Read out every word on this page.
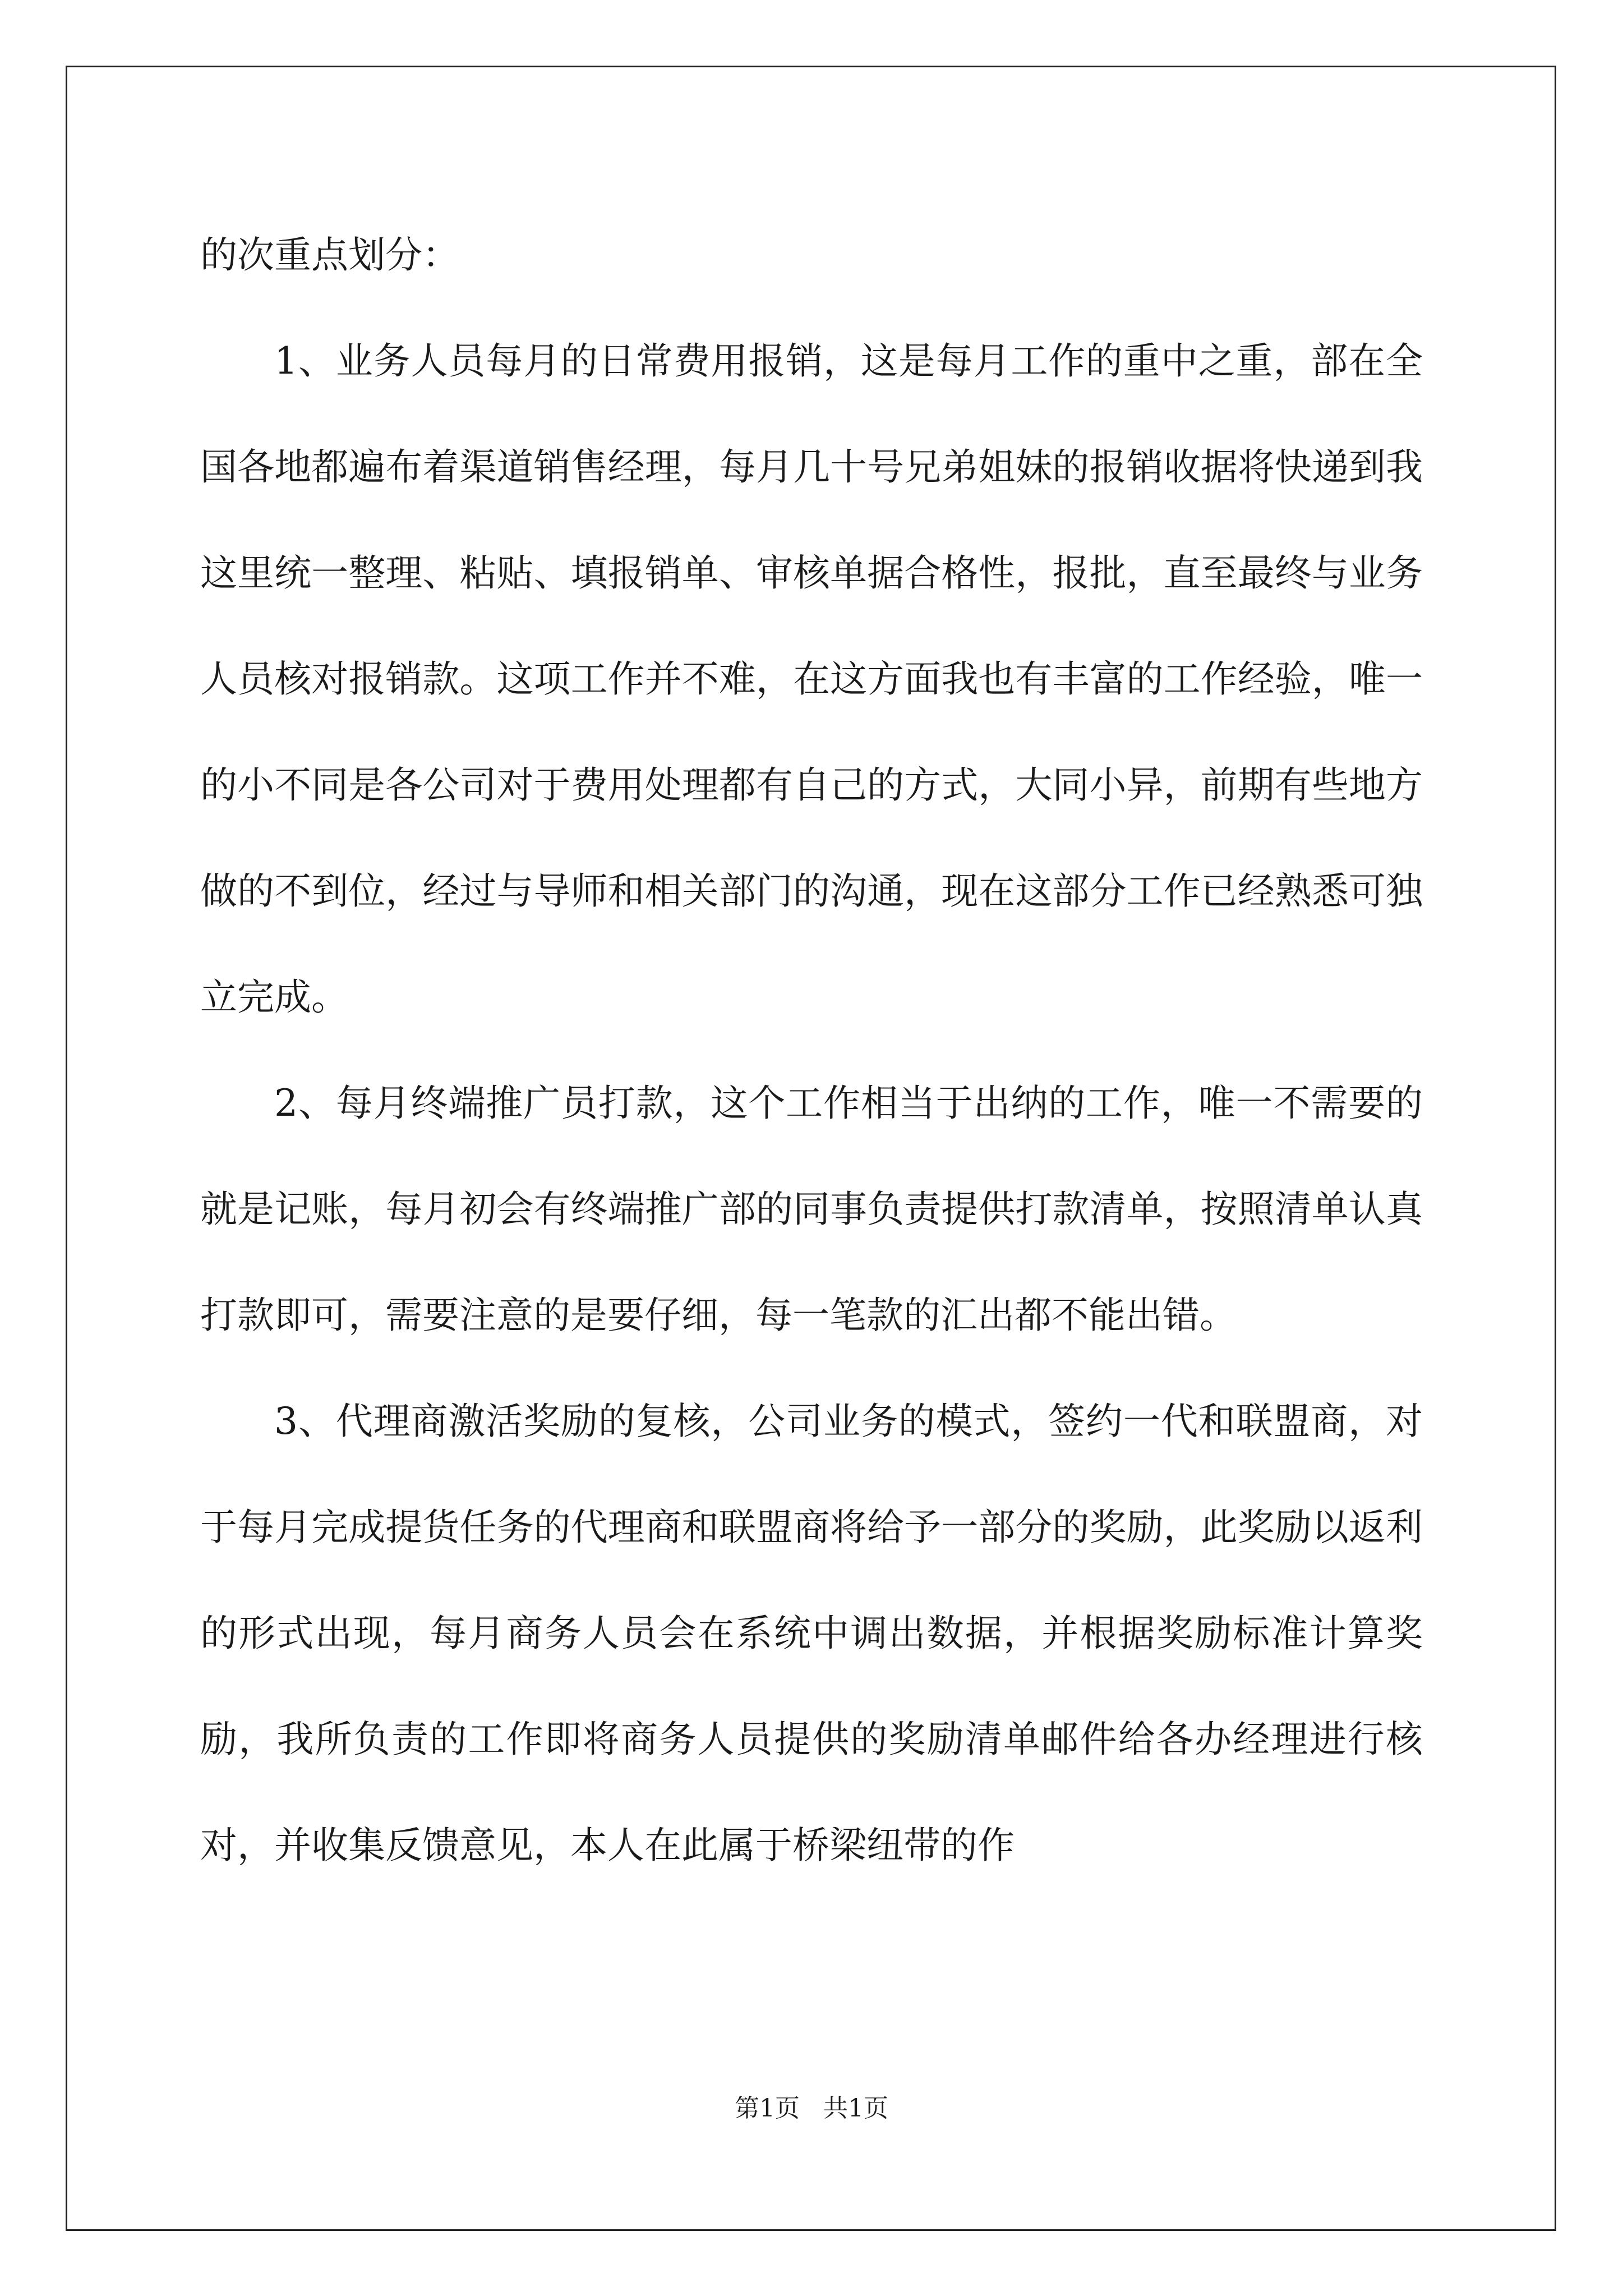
的次重点划分：

1、业务人员每月的日常费用报销，这是每月工作的重中之重，部在全国各地都遍布着渠道销售经理，每月几十号兄弟姐妹的报销收据将快递到我这里统一整理、粘贴、填报销单、审核单据合格性，报批，直至最终与业务人员核对报销款。这项工作并不难，在这方面我也有丰富的工作经验，唯一的小不同是各公司对于费用处理都有自己的方式，大同小异，前期有些地方做的不到位，经过与导师和相关部门的沟通，现在这部分工作已经熟悉可独立完成。

2、每月终端推广员打款，这个工作相当于出纳的工作，唯一不需要的就是记账，每月初会有终端推广部的同事负责提供打款清单，按照清单认真打款即可，需要注意的是要仔细，每一笔款的汇出都不能出错。

3、代理商激活奖励的复核，公司业务的模式，签约一代和联盟商，对于每月完成提货任务的代理商和联盟商将给予一部分的奖励，此奖励以返利的形式出现，每月商务人员会在系统中调出数据，并根据奖励标准计算奖励，我所负责的工作即将商务人员提供的奖励清单邮件给各办经理进行核对，并收集反馈意见，本人在此属于桥梁纽带的作

第1页   共1页
